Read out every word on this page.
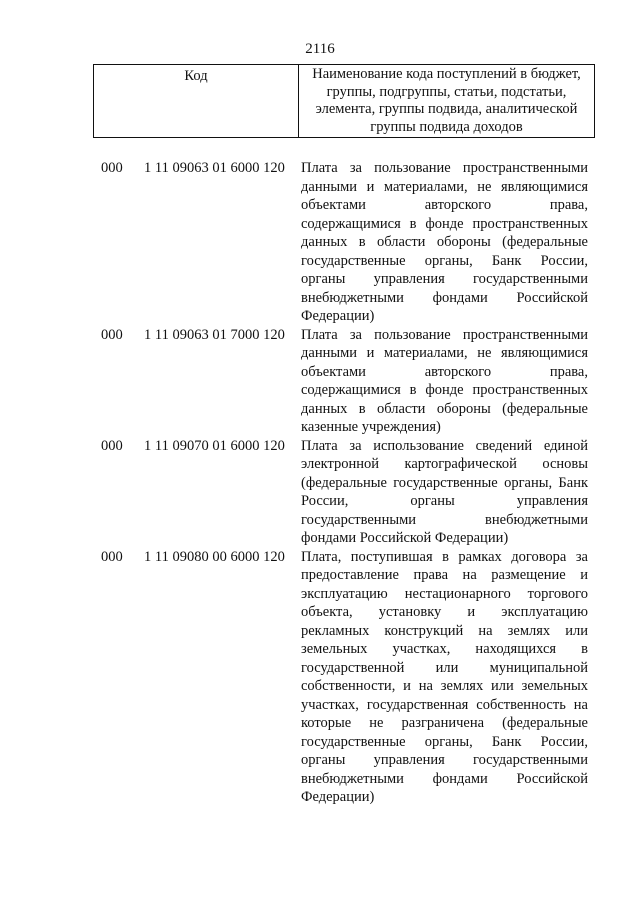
2116
Код	Наименование кода поступлений в бюджет,
группы, подгруппы, статьи, подстатьи,
элемента, группы подвида, аналитической
группы подвида доходов
000 1 11 09063 01 6000 120 Плата за пользование пространственными
данными и материалами, не являющимися
объектами авторского права,
содержащимися в фонде пространственных
данных в области обороны (федеральные
государственные органы, Банк России,
органы управления государственными
внебюджетными фондами Российской
Федерации)
000 1 11 09063 01 7000 120 Плата за пользование пространственными
данными и материалами, не являющимися
объектами авторского права,
содержащимися в фонде пространственных
данных в области обороны (федеральные
казенные учреждения)
000 1 11 09070 01 6000 120 Плата за использование сведений единой
электронной картографической основы
(федеральные государственные органы, Банк
России, органы управления
государственными внебюджетными
фондами Российской Федерации)
000 1 11 09080 00 6000 120 Плата, поступившая в рамках договора за
предоставление права на размещение и
эксплуатацию нестационарного торгового
объекта, установку и эксплуатацию
рекламных конструкций на землях или
земельных участках, находящихся в
государственной или муниципальной
собственности, и на землях или земельных
участках, государственная собственность на
которые не разграничена (федеральные
государственные органы, Банк России,
органы управления государственными
внебюджетными фондами Российской
Федерации)
